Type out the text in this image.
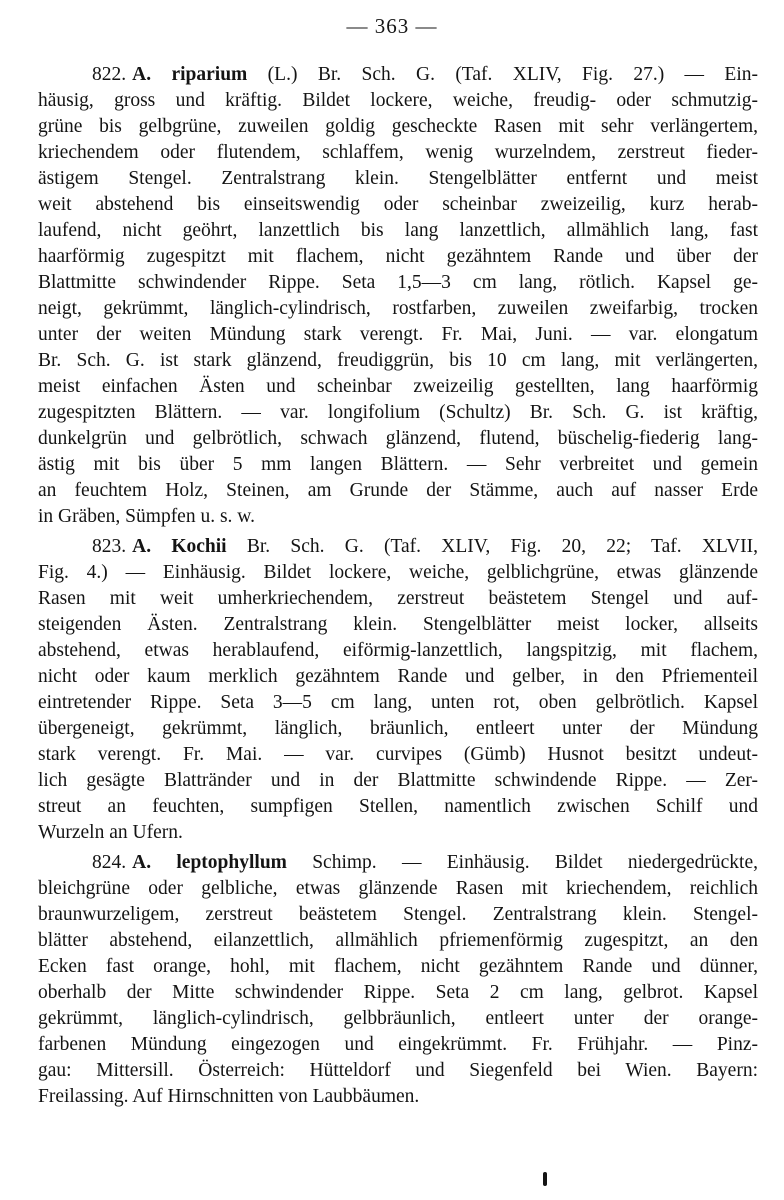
— 363 —
822. A. riparium (L.) Br. Sch. G. (Taf. XLIV, Fig. 27.) — Ein-
häusig, gross und kräftig. Bildet lockere, weiche, freudig- oder schmutzig-
grüne bis gelbgrüne, zuweilen goldig gescheckte Rasen mit sehr verlängertem,
kriechendem oder flutendem, schlaffem, wenig wurzelndem, zerstreut fieder-
ästigem Stengel. Zentralstrang klein. Stengelblätter entfernt und meist
weit abstehend bis einseitswendig oder scheinbar zweizeilig, kurz herab-
laufend, nicht geöhrt, lanzettlich bis lang lanzettlich, allmählich lang, fast
haarförmig zugespitzt mit flachem, nicht gezähntem Rande und über der
Blattmitte schwindender Rippe. Seta 1,5—3 cm lang, rötlich. Kapsel ge-
neigt, gekrümmt, länglich-cylindrisch, rostfarben, zuweilen zweifarbig, trocken
unter der weiten Mündung stark verengt. Fr. Mai, Juni. — var. elongatum
Br. Sch. G. ist stark glänzend, freudiggrün, bis 10 cm lang, mit verlängerten,
meist einfachen Ästen und scheinbar zweizeilig gestellten, lang haarförmig
zugespitzten Blättern. — var. longifolium (Schultz) Br. Sch. G. ist kräftig,
dunkelgrün und gelbrötlich, schwach glänzend, flutend, büschelig-fiederig lang-
ästig mit bis über 5 mm langen Blättern. — Sehr verbreitet und gemein
an feuchtem Holz, Steinen, am Grunde der Stämme, auch auf nasser Erde
in Gräben, Sümpfen u. s. w.
823. A. Kochii Br. Sch. G. (Taf. XLIV, Fig. 20, 22; Taf. XLVII,
Fig. 4.) — Einhäusig. Bildet lockere, weiche, gelblichgrüne, etwas glänzende
Rasen mit weit umherkriechendem, zerstreut beästetem Stengel und auf-
steigenden Ästen. Zentralstrang klein. Stengelblätter meist locker, allseits
abstehend, etwas herablaufend, eiförmig-lanzettlich, langspitzig, mit flachem,
nicht oder kaum merklich gezähntem Rande und gelber, in den Pfriementeil
eintretender Rippe. Seta 3—5 cm lang, unten rot, oben gelbrötlich. Kapsel
übergeneigt, gekrümmt, länglich, bräunlich, entleert unter der Mündung
stark verengt. Fr. Mai. — var. curvipes (Gümb) Husnot besitzt undeut-
lich gesägte Blattränder und in der Blattmitte schwindende Rippe. — Zer-
streut an feuchten, sumpfigen Stellen, namentlich zwischen Schilf und
Wurzeln an Ufern.
824. A. leptophyllum Schimp. — Einhäusig. Bildet niedergedrückte,
bleichgrüne oder gelbliche, etwas glänzende Rasen mit kriechendem, reichlich
braunwurzeligem, zerstreut beästetem Stengel. Zentralstrang klein. Stengel-
blätter abstehend, eilanzettlich, allmählich pfriemenförmig zugespitzt, an den
Ecken fast orange, hohl, mit flachem, nicht gezähntem Rande und dünner,
oberhalb der Mitte schwindender Rippe. Seta 2 cm lang, gelbrot. Kapsel
gekrümmt, länglich-cylindrisch, gelbbräunlich, entleert unter der orange-
farbenen Mündung eingezogen und eingekrümmt. Fr. Frühjahr. — Pinz-
gau: Mittersill. Österreich: Hütteldorf und Siegenfeld bei Wien. Bayern:
Freilassing. Auf Hirnschnitten von Laubbäumen.
